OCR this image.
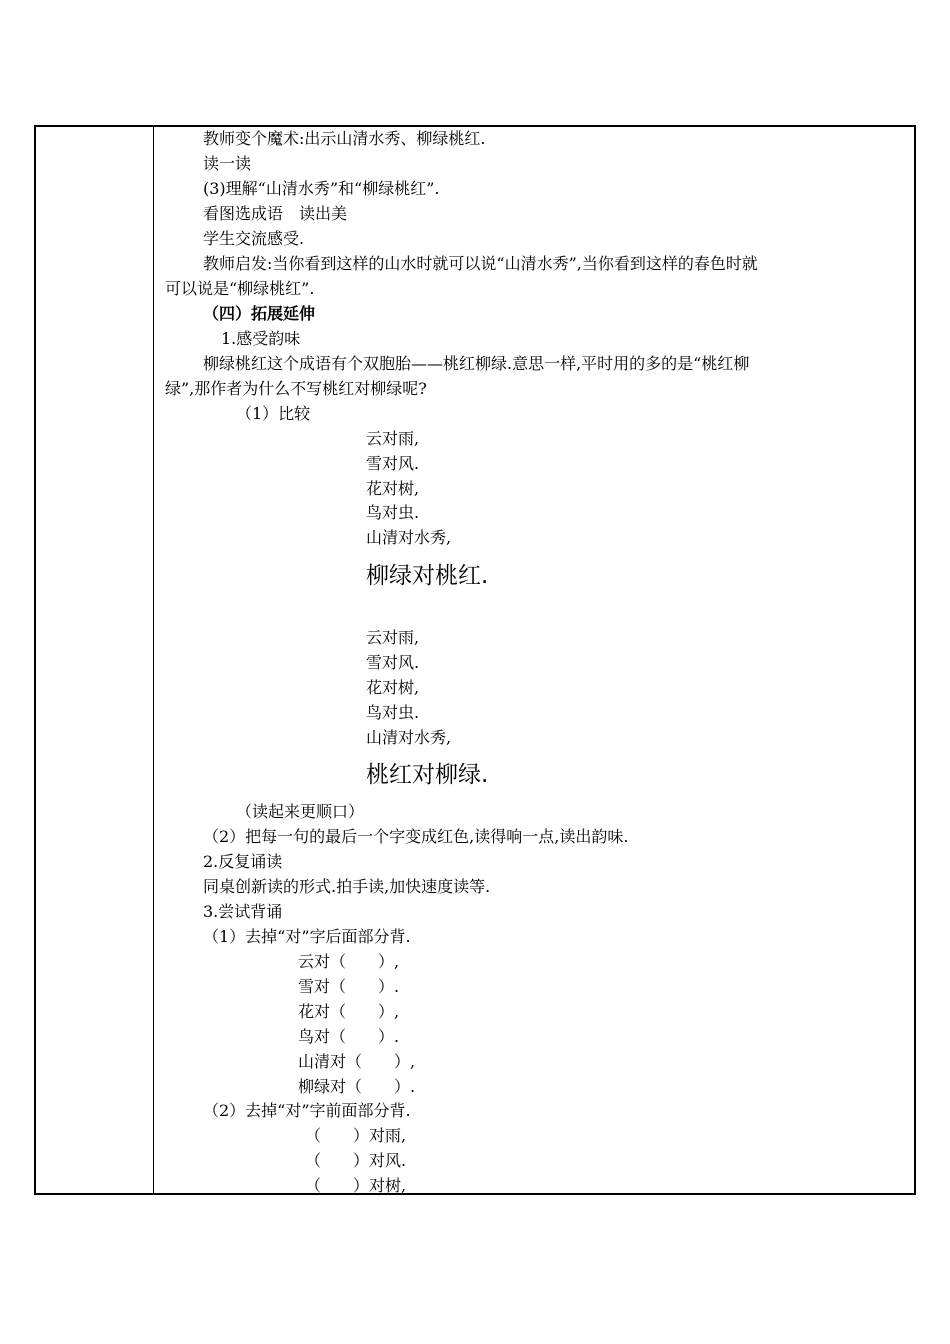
教师变个魔术:出示山清水秀、柳绿桃红.
读一读
(3)理解“山清水秀”和“柳绿桃红”.
看图选成语　读出美
学生交流感受.
教师启发:当你看到这样的山水时就可以说“山清水秀”,当你看到这样的春色时就
可以说是“柳绿桃红”.
（四）拓展延伸
1.感受韵味
柳绿桃红这个成语有个双胞胎——桃红柳绿.意思一样,平时用的多的是“桃红柳
绿”,那作者为什么不写桃红对柳绿呢?
（1）比较
云对雨,
雪对风.
花对树,
鸟对虫.
山清对水秀,
柳绿对桃红.
云对雨,
雪对风.
花对树,
鸟对虫.
山清对水秀,
桃红对柳绿.
（读起来更顺口）
（2）把每一句的最后一个字变成红色,读得响一点,读出韵味.
2.反复诵读
同桌创新读的形式.拍手读,加快速度读等.
3.尝试背诵
（1）去掉“对”字后面部分背.
云对（　　）,
雪对（　　）.
花对（　　）,
鸟对（　　）.
山清对（　　）,
柳绿对（　　）.
（2）去掉“对”字前面部分背.
（　　）对雨,
（　　）对风.
（　　）对树,
